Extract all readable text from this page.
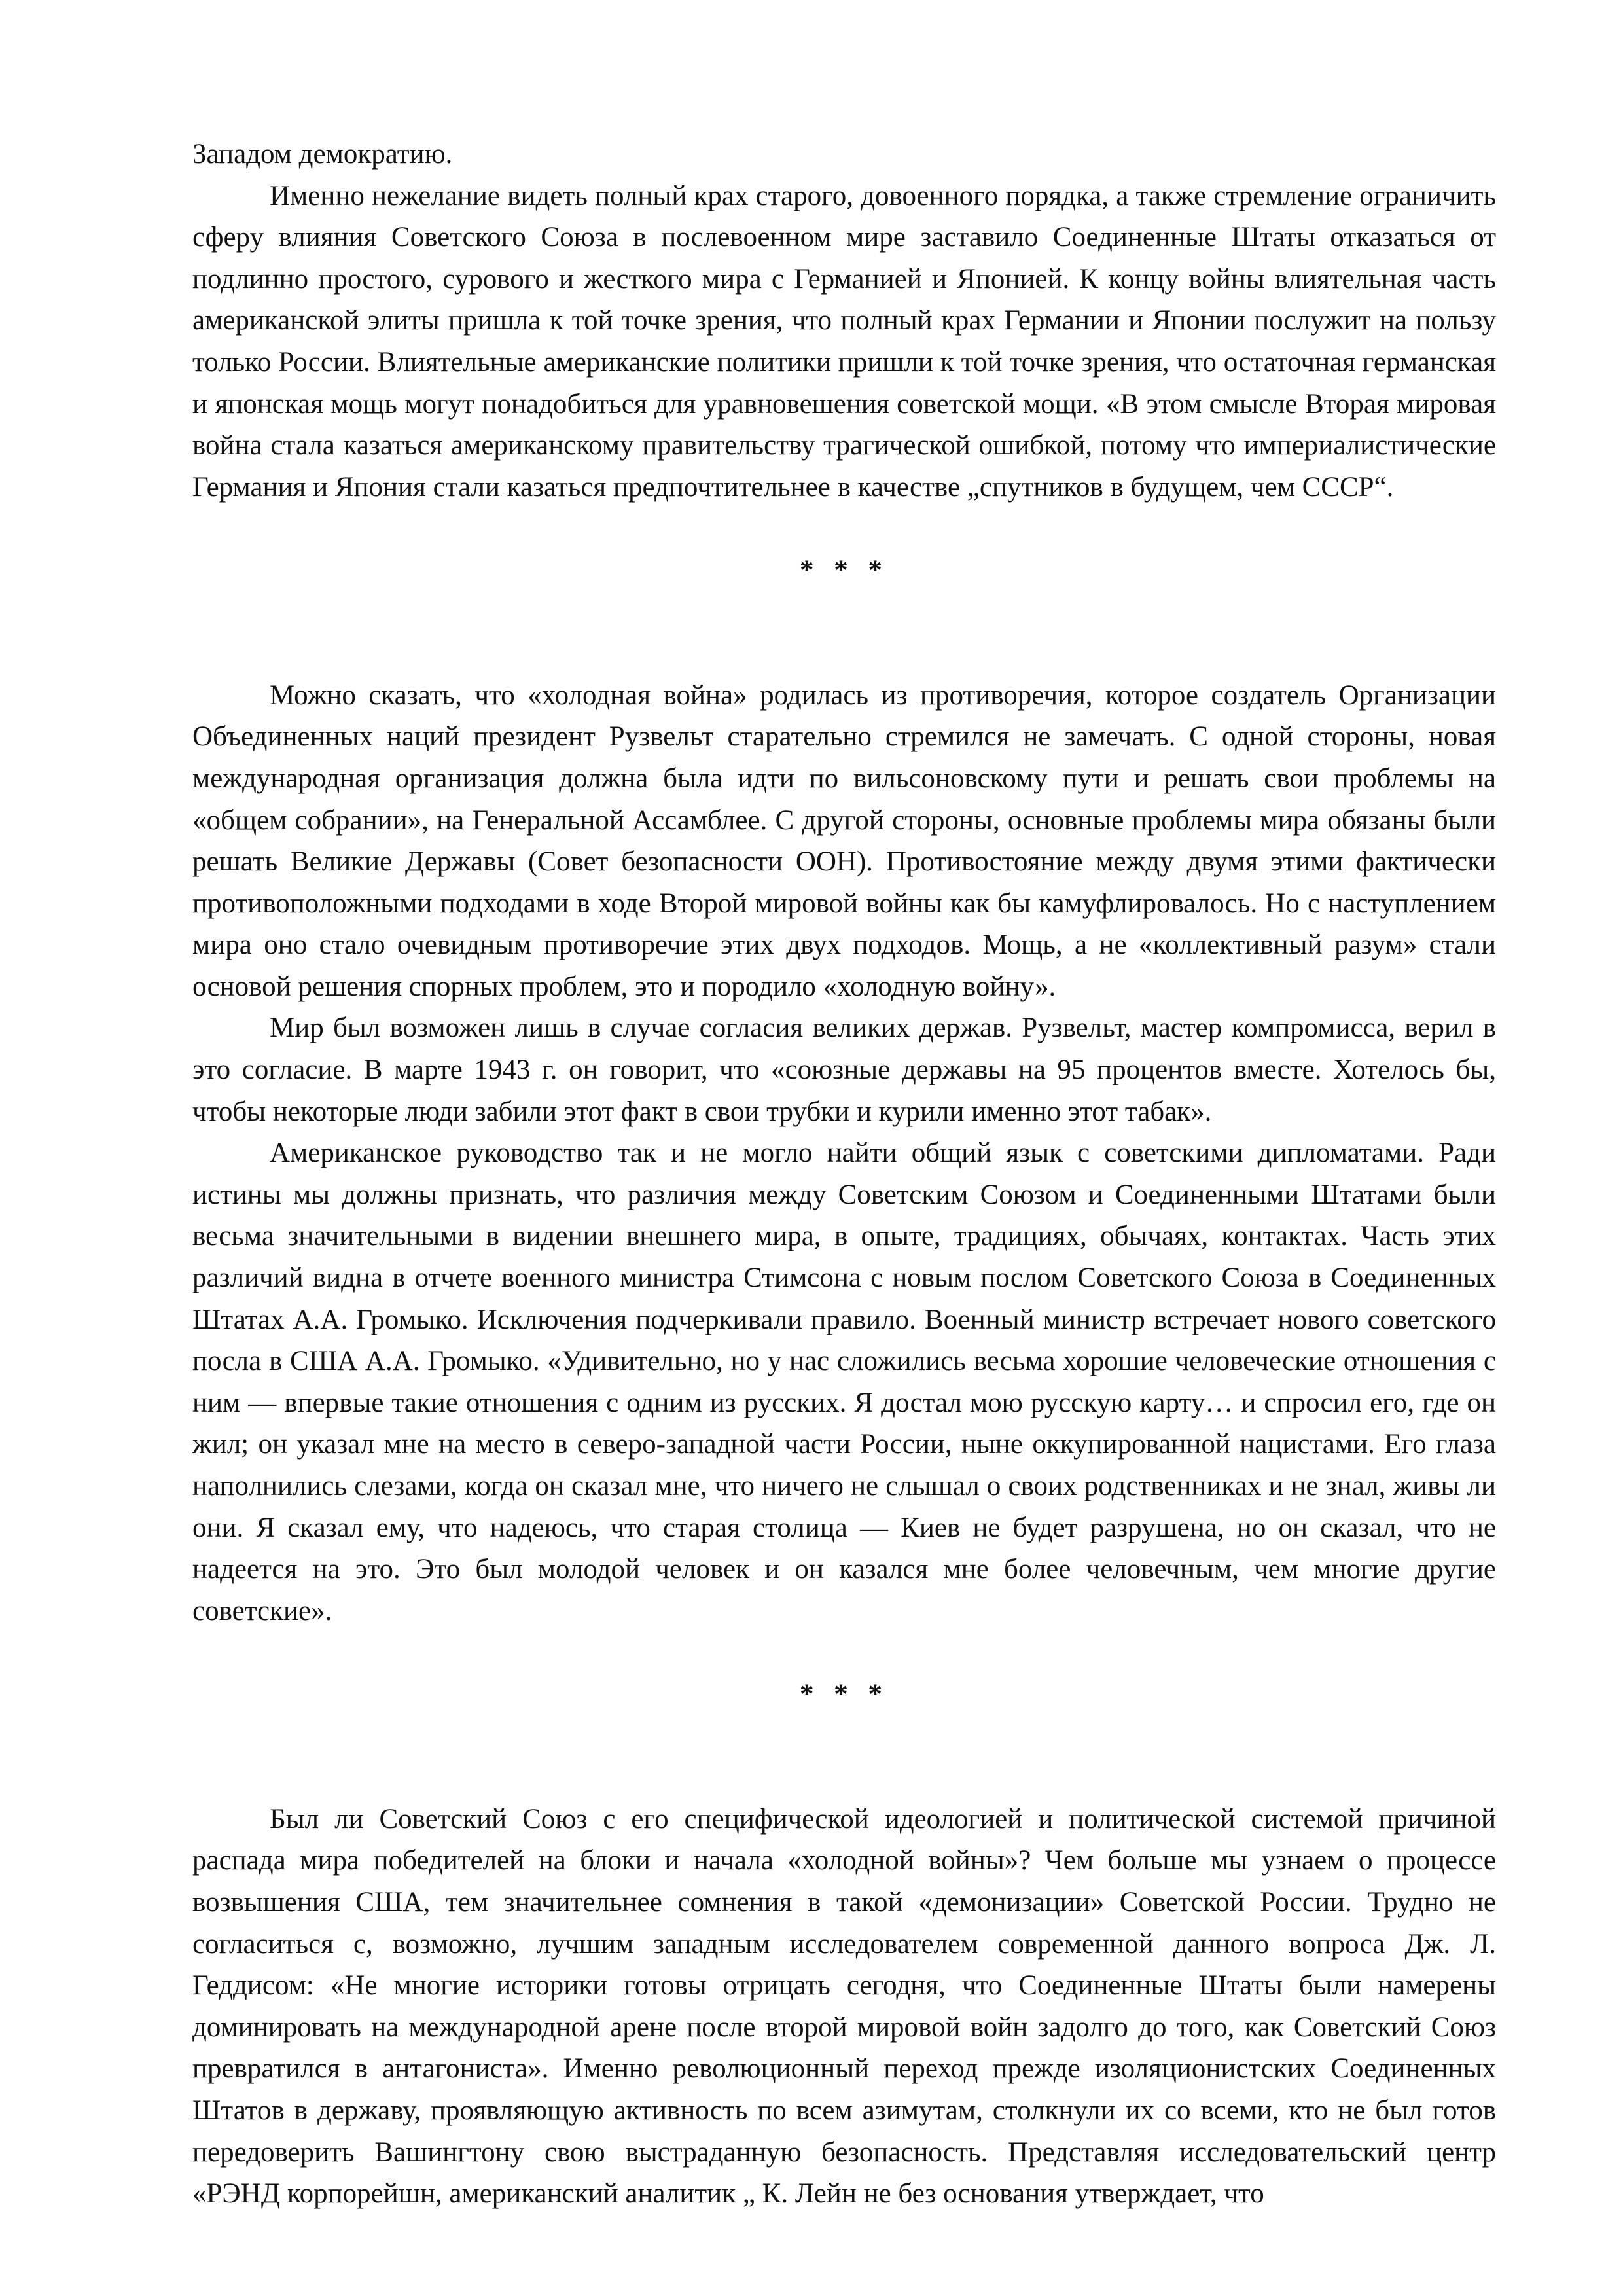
Западом демократию.

Именно нежелание видеть полный крах старого, довоенного порядка, а также стремление ограничить сферу влияния Советского Союза в послевоенном мире заставило Соединенные Штаты отказаться от подлинно простого, сурового и жесткого мира с Германией и Японией. К концу войны влиятельная часть американской элиты пришла к той точке зрения, что полный крах Германии и Японии послужит на пользу только России. Влиятельные американские политики пришли к той точке зрения, что остаточная германская и японская мощь могут понадобиться для уравновешения советской мощи. «В этом смысле Вторая мировая война стала казаться американскому правительству трагической ошибкой, потому что империалистические Германия и Япония стали казаться предпочтительнее в качестве „спутников в будущем, чем СССР“.

* * *

Можно сказать, что «холодная война» родилась из противоречия, которое создатель Организации Объединенных наций президент Рузвельт старательно стремился не замечать. С одной стороны, новая международная организация должна была идти по вильсоновскому пути и решать свои проблемы на «общем собрании», на Генеральной Ассамблее. С другой стороны, основные проблемы мира обязаны были решать Великие Державы (Совет безопасности ООН). Противостояние между двумя этими фактически противоположными подходами в ходе Второй мировой войны как бы камуфлировалось. Но с наступлением мира оно стало очевидным противоречие этих двух подходов. Мощь, а не «коллективный разум» стали основой решения спорных проблем, это и породило «холодную войну».

Мир был возможен лишь в случае согласия великих держав. Рузвельт, мастер компромисса, верил в это согласие. В марте 1943 г. он говорит, что «союзные державы на 95 процентов вместе. Хотелось бы, чтобы некоторые люди забили этот факт в свои трубки и курили именно этот табак».

Американское руководство так и не могло найти общий язык с советскими дипломатами. Ради истины мы должны признать, что различия между Советским Союзом и Соединенными Штатами были весьма значительными в видении внешнего мира, в опыте, традициях, обычаях, контактах. Часть этих различий видна в отчете военного министра Стимсона с новым послом Советского Союза в Соединенных Штатах А.А. Громыко. Исключения подчеркивали правило. Военный министр встречает нового советского посла в США А.А. Громыко. «Удивительно, но у нас сложились весьма хорошие человеческие отношения с ним — впервые такие отношения с одним из русских. Я достал мою русскую карту… и спросил его, где он жил; он указал мне на место в северо-западной части России, ныне оккупированной нацистами. Его глаза наполнились слезами, когда он сказал мне, что ничего не слышал о своих родственниках и не знал, живы ли они. Я сказал ему, что надеюсь, что старая столица — Киев не будет разрушена, но он сказал, что не надеется на это. Это был молодой человек и он казался мне более человечным, чем многие другие советские».

* * *

Был ли Советский Союз с его специфической идеологией и политической системой причиной распада мира победителей на блоки и начала «холодной войны»? Чем больше мы узнаем о процессе возвышения США, тем значительнее сомнения в такой «демонизации» Советской России. Трудно не согласиться с, возможно, лучшим западным исследователем современной данного вопроса Дж. Л. Геддисом: «Не многие историки готовы отрицать сегодня, что Соединенные Штаты были намерены доминировать на международной арене после второй мировой войн задолго до того, как Советский Союз превратился в антагониста». Именно революционный переход прежде изоляционистских Соединенных Штатов в державу, проявляющую активность по всем азимутам, столкнули их со всеми, кто не был готов передоверить Вашингтону свою выстраданную безопасность. Представляя исследовательский центр «РЭНД корпорейшн, американский аналитик „ К. Лейн не без основания утверждает, что
